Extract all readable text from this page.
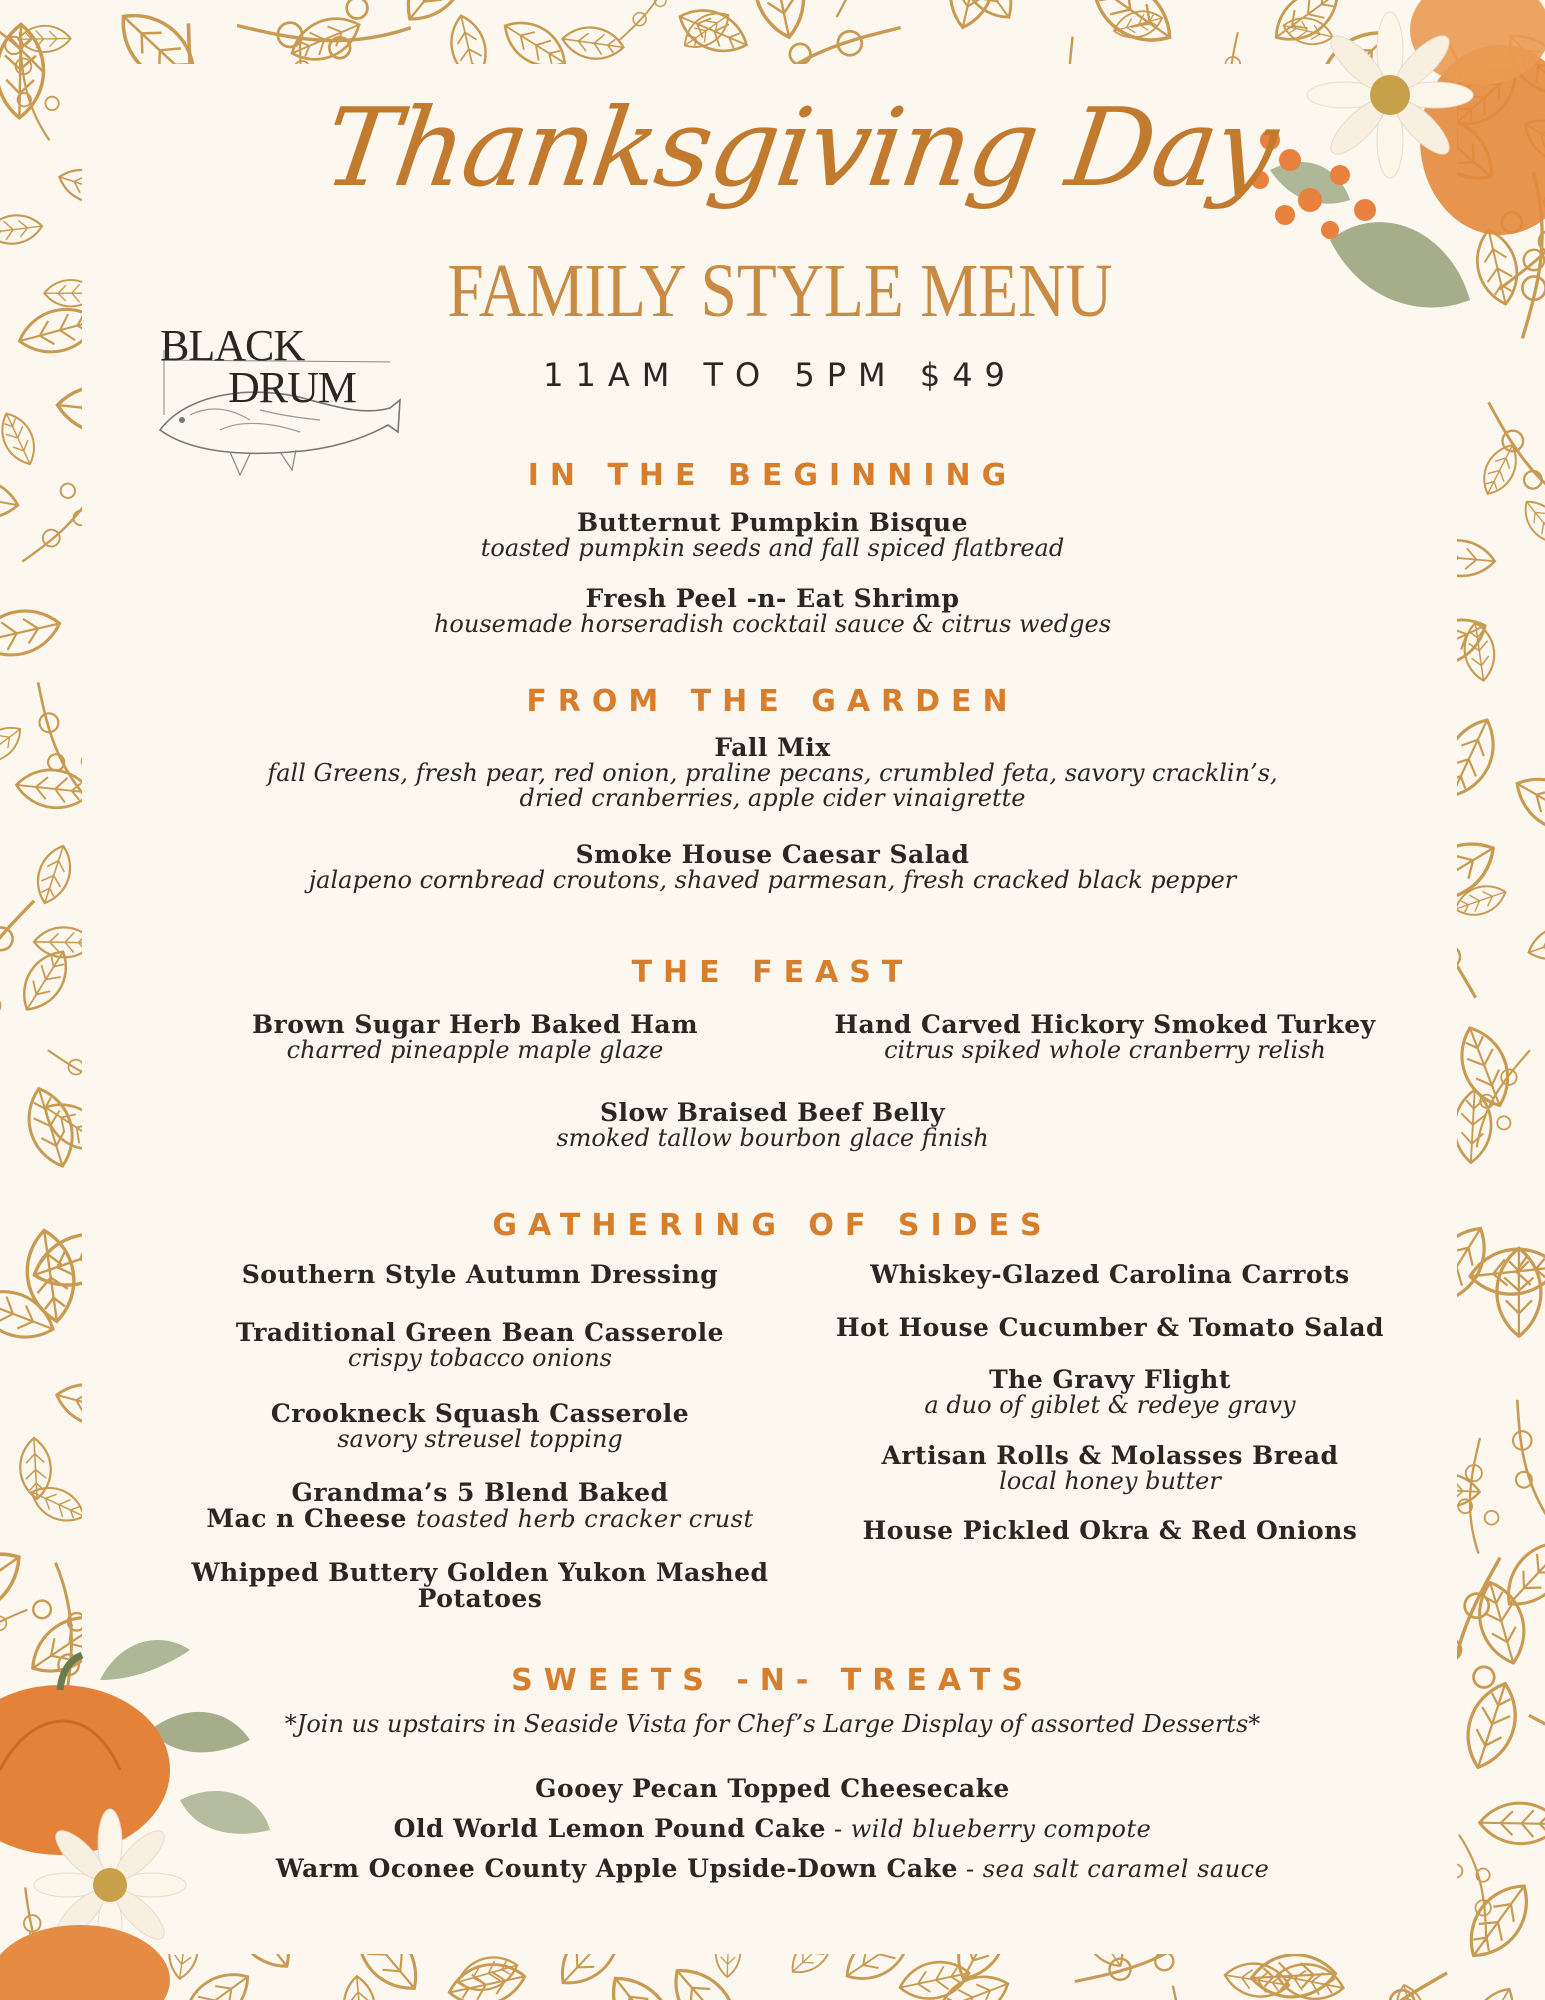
Thanksgiving Day
FAMILY STYLE MENU
11AM TO 5PM $49
BLACK
DRUM
IN THE BEGINNING
Butternut Pumpkin Bisque
toasted pumpkin seeds and fall spiced flatbread
Fresh Peel -n- Eat Shrimp
housemade horseradish cocktail sauce & citrus wedges
FROM THE GARDEN
Fall Mix
fall Greens, fresh pear, red onion, praline pecans, crumbled feta, savory cracklin’s,
dried cranberries, apple cider vinaigrette
Smoke House Caesar Salad
jalapeno cornbread croutons, shaved parmesan, fresh cracked black pepper
THE FEAST
Brown Sugar Herb Baked Ham
charred pineapple maple glaze
Hand Carved Hickory Smoked Turkey
citrus spiked whole cranberry relish
Slow Braised Beef Belly
smoked tallow bourbon glace finish
GATHERING OF SIDES
Southern Style Autumn Dressing
Traditional Green Bean Casserole
crispy tobacco onions
Crookneck Squash Casserole
savory streusel topping
Grandma’s 5 Blend Baked
Mac n Cheese toasted herb cracker crust
Whipped Buttery Golden Yukon Mashed
Potatoes
Whiskey-Glazed Carolina Carrots
Hot House Cucumber & Tomato Salad
The Gravy Flight
a duo of giblet & redeye gravy
Artisan Rolls & Molasses Bread
local honey butter
House Pickled Okra & Red Onions
SWEETS -N- TREATS
*Join us upstairs in Seaside Vista for Chef’s Large Display of assorted Desserts*
Gooey Pecan Topped Cheesecake
Old World Lemon Pound Cake - wild blueberry compote
Warm Oconee County Apple Upside-Down Cake - sea salt caramel sauce
